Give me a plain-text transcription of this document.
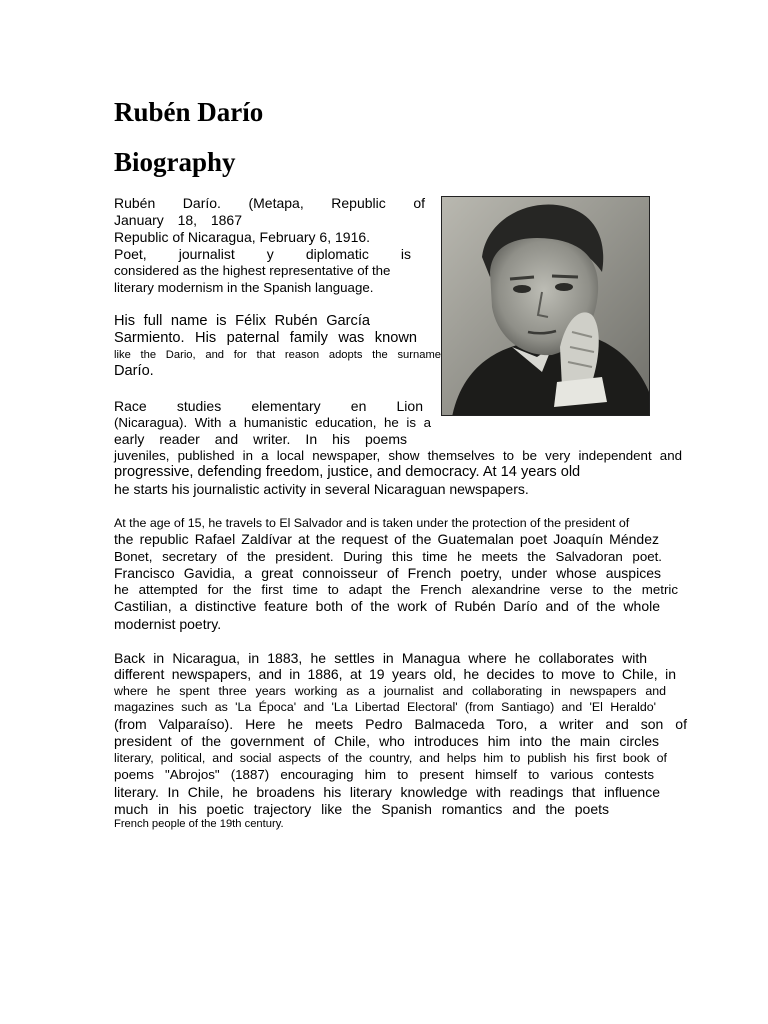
Rubén Darío
Biography
Rubén Darío. (Metapa, Republic of
January 18, 1867
Republic of Nicaragua, February 6, 1916.
Poet, journalist y diplomatic is
considered as the highest representative of the
literary modernism in the Spanish language.
His full name is Félix Rubén García
Sarmiento. His paternal family was known
like the Dario, and for that reason adopts the surname
Darío.
Race studies elementary en Lion
(Nicaragua). With a humanistic education, he is a
early reader and writer. In his poems
juveniles, published in a local newspaper, show themselves to be very independent and
progressive, defending freedom, justice, and democracy. At 14 years old
he starts his journalistic activity in several Nicaraguan newspapers.
At the age of 15, he travels to El Salvador and is taken under the protection of the president of
the republic Rafael Zaldívar at the request of the Guatemalan poet Joaquín Méndez
Bonet, secretary of the president. During this time he meets the Salvadoran poet.
Francisco Gavidia, a great connoisseur of French poetry, under whose auspices
he attempted for the first time to adapt the French alexandrine verse to the metric
Castilian, a distinctive feature both of the work of Rubén Darío and of the whole
modernist poetry.
Back in Nicaragua, in 1883, he settles in Managua where he collaborates with
different newspapers, and in 1886, at 19 years old, he decides to move to Chile, in
where he spent three years working as a journalist and collaborating in newspapers and
magazines such as 'La Época' and 'La Libertad Electoral' (from Santiago) and 'El Heraldo'
(from Valparaíso). Here he meets Pedro Balmaceda Toro, a writer and son of
president of the government of Chile, who introduces him into the main circles
literary, political, and social aspects of the country, and helps him to publish his first book of
poems "Abrojos" (1887) encouraging him to present himself to various contests
literary. In Chile, he broadens his literary knowledge with readings that influence
much in his poetic trajectory like the Spanish romantics and the poets
French people of the 19th century.
